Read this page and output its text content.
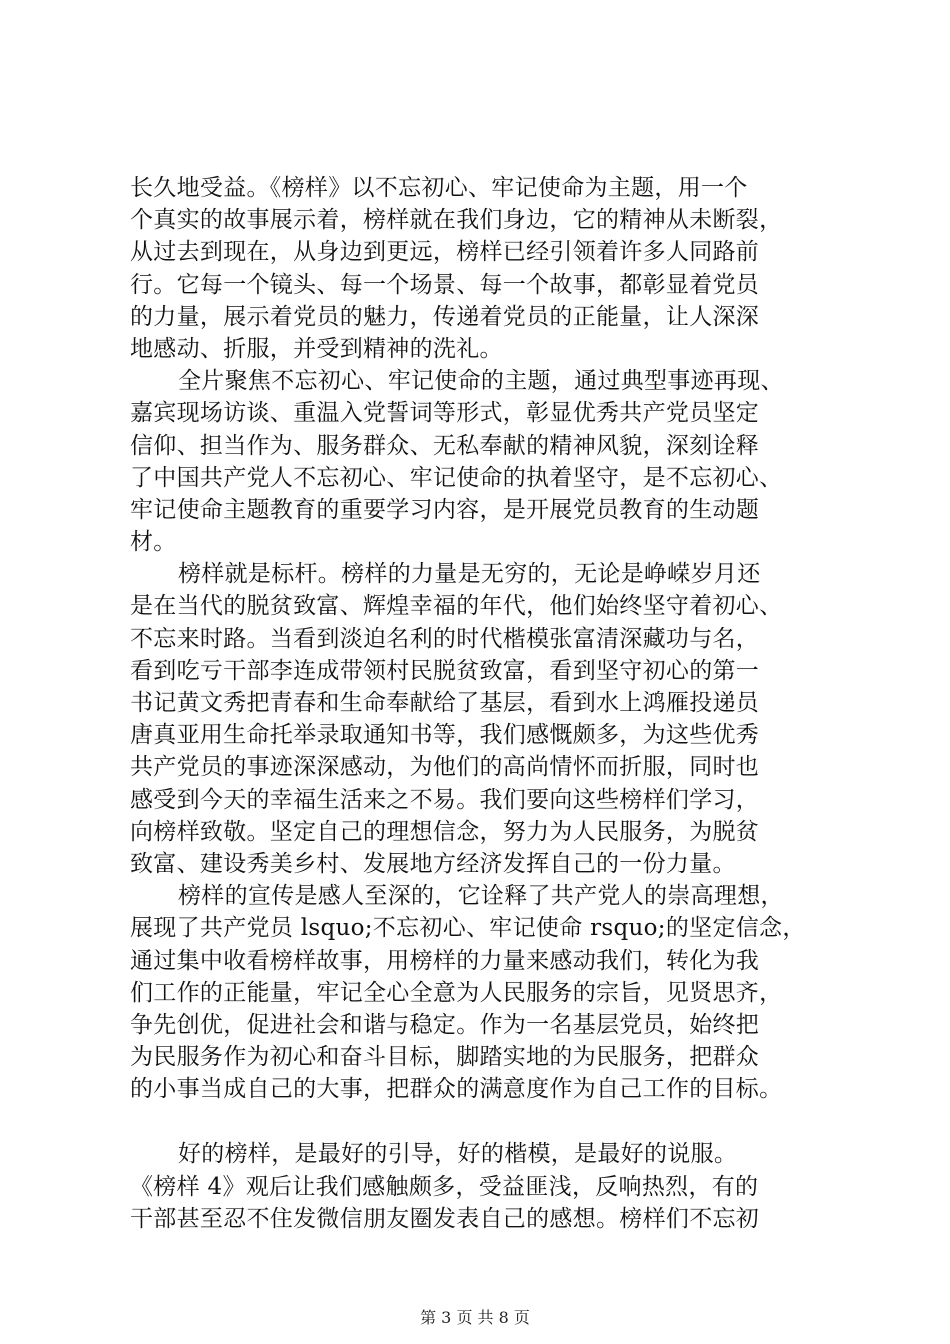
长久地受益。《榜样》以不忘初心、牢记使命为主题，用一个
个真实的故事展示着，榜样就在我们身边，它的精神从未断裂，
从过去到现在，从身边到更远，榜样已经引领着许多人同路前
行。它每一个镜头、每一个场景、每一个故事，都彰显着党员
的力量，展示着党员的魅力，传递着党员的正能量，让人深深
地感动、折服，并受到精神的洗礼。
全片聚焦不忘初心、牢记使命的主题，通过典型事迹再现、
嘉宾现场访谈、重温入党誓词等形式，彰显优秀共产党员坚定
信仰、担当作为、服务群众、无私奉献的精神风貌，深刻诠释
了中国共产党人不忘初心、牢记使命的执着坚守，是不忘初心、
牢记使命主题教育的重要学习内容，是开展党员教育的生动题
材。
榜样就是标杆。榜样的力量是无穷的，无论是峥嵘岁月还
是在当代的脱贫致富、辉煌幸福的年代，他们始终坚守着初心、
不忘来时路。当看到淡迫名利的时代楷模张富清深藏功与名，
看到吃亏干部李连成带领村民脱贫致富，看到坚守初心的第一
书记黄文秀把青春和生命奉献给了基层，看到水上鸿雁投递员
唐真亚用生命托举录取通知书等，我们感慨颇多，为这些优秀
共产党员的事迹深深感动，为他们的高尚情怀而折服，同时也
感受到今天的幸福生活来之不易。我们要向这些榜样们学习，
向榜样致敬。坚定自己的理想信念，努力为人民服务，为脱贫
致富、建设秀美乡村、发展地方经济发挥自己的一份力量。
榜样的宣传是感人至深的，它诠释了共产党人的崇高理想，
展现了共产党员 lsquo;不忘初心、牢记使命 rsquo;的坚定信念，
通过集中收看榜样故事，用榜样的力量来感动我们，转化为我
们工作的正能量，牢记全心全意为人民服务的宗旨，见贤思齐，
争先创优，促进社会和谐与稳定。作为一名基层党员，始终把
为民服务作为初心和奋斗目标，脚踏实地的为民服务，把群众
的小事当成自己的大事，把群众的满意度作为自己工作的目标。
好的榜样，是最好的引导，好的楷模，是最好的说服。
《榜样 4》观后让我们感触颇多，受益匪浅，反响热烈，有的
干部甚至忍不住发微信朋友圈发表自己的感想。榜样们不忘初
第 3 页 共 8 页
